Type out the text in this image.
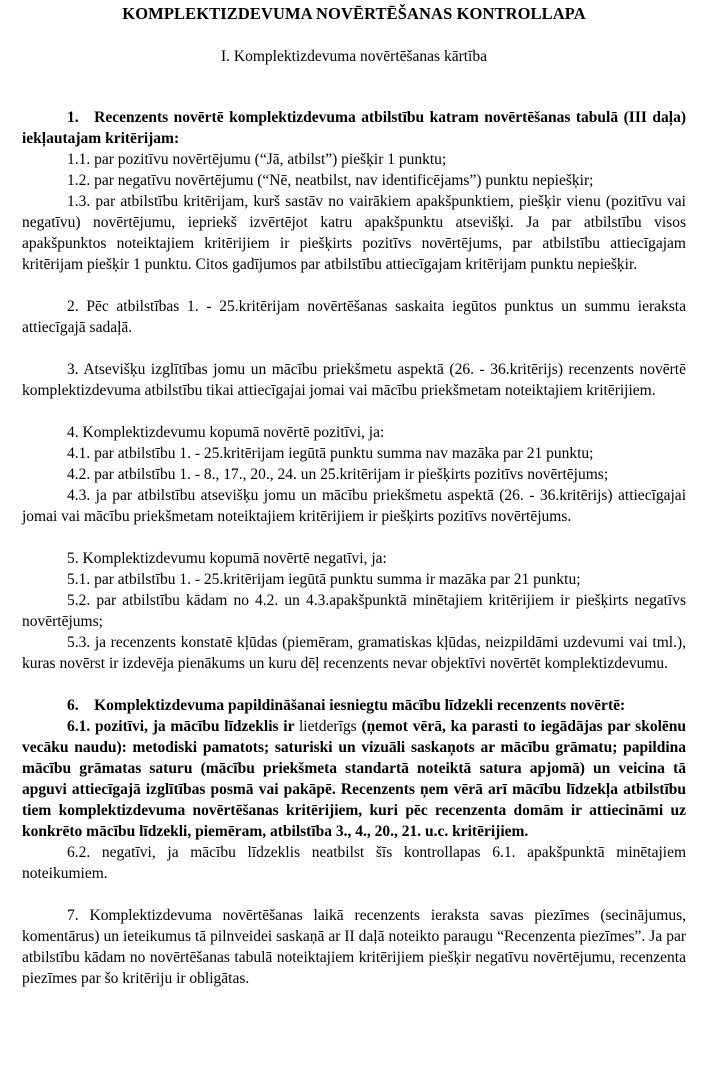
KOMPLEKTIZDEVUMA NOVĒRTĒŠANAS KONTROLLAPA
I. Komplektizdevuma novērtēšanas kārtība

1. Recenzents novērtē komplektizdevuma atbilstību katram novērtēšanas tabulā (III daļa) iekļautajam kritērijam:

1.1. par pozitīvu novērtējumu (“Jā, atbilst”) piešķir 1 punktu;

1.2. par negatīvu novērtējumu (“Nē, neatbilst, nav identificējams”) punktu nepiešķir;

1.3. par atbilstību kritērijam, kurš sastāv no vairākiem apakšpunktiem, piešķir vienu (pozitīvu vai negatīvu) novērtējumu, iepriekš izvērtējot katru apakšpunktu atsevišķi. Ja par atbilstību visos apakšpunktos noteiktajiem kritērijiem ir piešķirts pozitīvs novērtējums, par atbilstību attiecīgajam kritērijam piešķir 1 punktu. Citos gadījumos par atbilstību attiecīgajam kritērijam punktu nepiešķir.

2. Pēc atbilstības 1. - 25.kritērijam novērtēšanas saskaita iegūtos punktus un summu ieraksta attiecīgajā sadaļā.

3. Atsevišķu izglītības jomu un mācību priekšmetu aspektā (26. - 36.kritērijs) recenzents novērtē komplektizdevuma atbilstību tikai attiecīgajai jomai vai mācību priekšmetam noteiktajiem kritērijiem.

4. Komplektizdevumu kopumā novērtē pozitīvi, ja:

4.1. par atbilstību 1. - 25.kritērijam iegūtā punktu summa nav mazāka par 21 punktu;

4.2. par atbilstību 1. - 8., 17., 20., 24. un 25.kritērijam ir piešķirts pozitīvs novērtējums;

4.3. ja par atbilstību atsevišķu jomu un mācību priekšmetu aspektā (26. - 36.kritērijs) attiecīgajai jomai vai mācību priekšmetam noteiktajiem kritērijiem ir piešķirts pozitīvs novērtējums.

5. Komplektizdevumu kopumā novērtē negatīvi, ja:

5.1. par atbilstību 1. - 25.kritērijam iegūtā punktu summa ir mazāka par 21 punktu;

5.2. par atbilstību kādam no 4.2. un 4.3.apakšpunktā minētajiem kritērijiem ir piešķirts negatīvs novērtējums;

5.3. ja recenzents konstatē kļūdas (piemēram, gramatiskas kļūdas, neizpildāmi uzdevumi vai tml.), kuras novērst ir izdevēja pienākums un kuru dēļ recenzents nevar objektīvi novērtēt komplektizdevumu.

6. Komplektizdevuma papildināšanai iesniegtu mācību līdzekli recenzents novērtē:

6.1. pozitīvi, ja mācību līdzeklis ir lietderīgs (ņemot vērā, ka parasti to iegādājas par skolēnu vecāku naudu): metodiski pamatots; saturiski un vizuāli saskaņots ar mācību grāmatu; papildina mācību grāmatas saturu (mācību priekšmeta standartā noteiktā satura apjomā) un veicina tā apguvi attiecīgajā izglītības posmā vai pakāpē. Recenzents ņem vērā arī mācību līdzekļa atbilstību tiem komplektizdevuma novērtēšanas kritērijiem, kuri pēc recenzenta domām ir attiecināmi uz konkrēto mācību līdzekli, piemēram, atbilstība 3., 4., 20., 21. u.c. kritērijiem.

6.2. negatīvi, ja mācību līdzeklis neatbilst šīs kontrollapas 6.1. apakšpunktā minētajiem noteikumiem.

7. Komplektizdevuma novērtēšanas laikā recenzents ieraksta savas piezīmes (secinājumus, komentārus) un ieteikumus tā pilnveidei saskaņā ar II daļā noteikto paraugu “Recenzenta piezīmes”. Ja par atbilstību kādam no novērtēšanas tabulā noteiktajiem kritērijiem piešķir negatīvu novērtējumu, recenzenta piezīmes par šo kritēriju ir obligātas.
